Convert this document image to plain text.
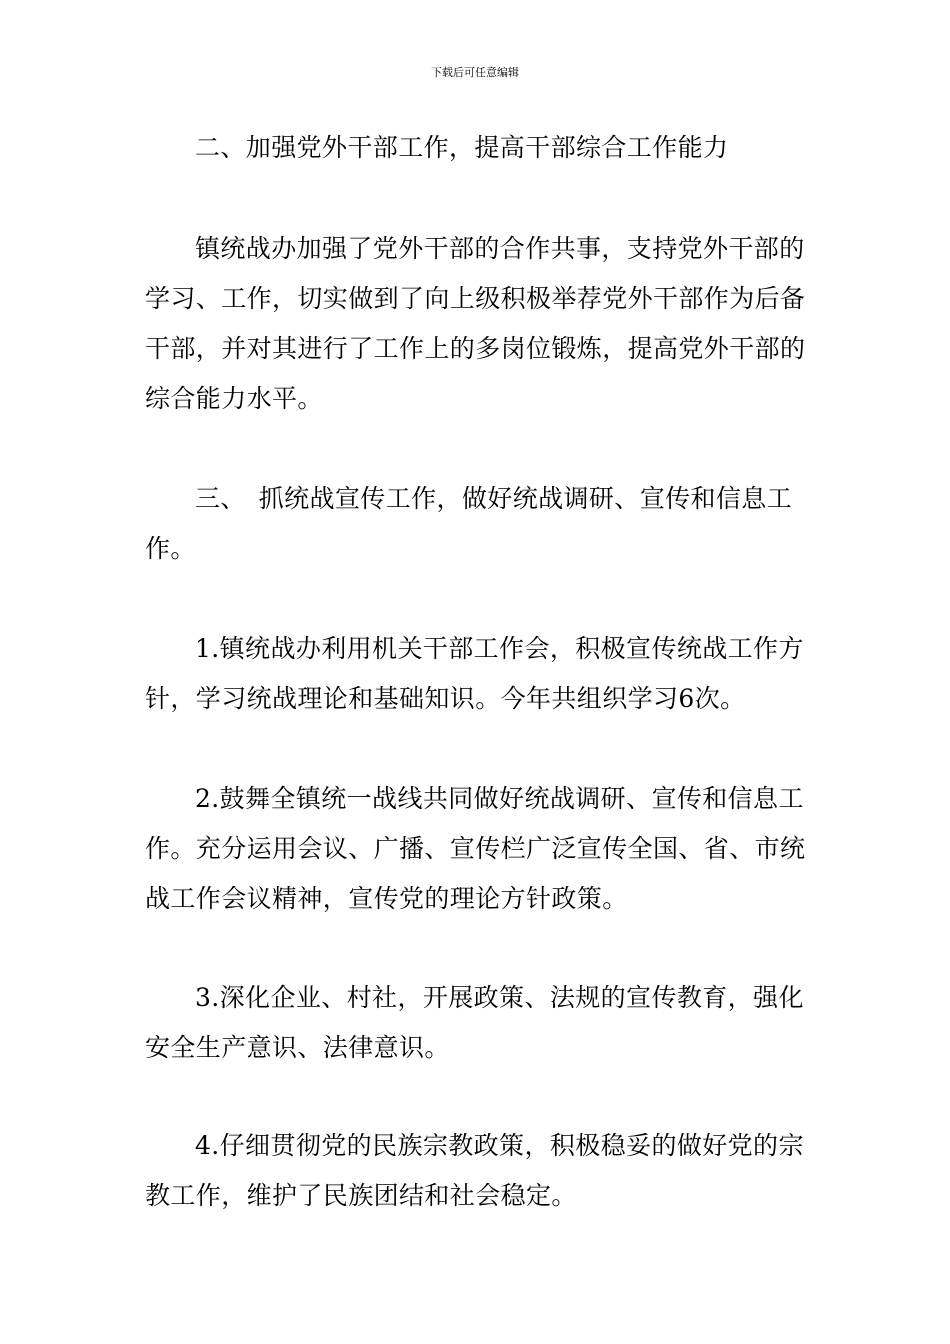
下载后可任意编辑

二、加强党外干部工作，提高干部综合工作能力

镇统战办加强了党外干部的合作共事，支持党外干部的学习、工作，切实做到了向上级积极举荐党外干部作为后备干部，并对其进行了工作上的多岗位锻炼，提高党外干部的综合能力水平。

三、　抓统战宣传工作，做好统战调研、宣传和信息工作。

1.镇统战办利用机关干部工作会，积极宣传统战工作方针，学习统战理论和基础知识。今年共组织学习6次。

2.鼓舞全镇统一战线共同做好统战调研、宣传和信息工作。充分运用会议、广播、宣传栏广泛宣传全国、省、市统战工作会议精神，宣传党的理论方针政策。

3.深化企业、村社，开展政策、法规的宣传教育，强化安全生产意识、法律意识。

4.仔细贯彻党的民族宗教政策，积极稳妥的做好党的宗教工作，维护了民族团结和社会稳定。
